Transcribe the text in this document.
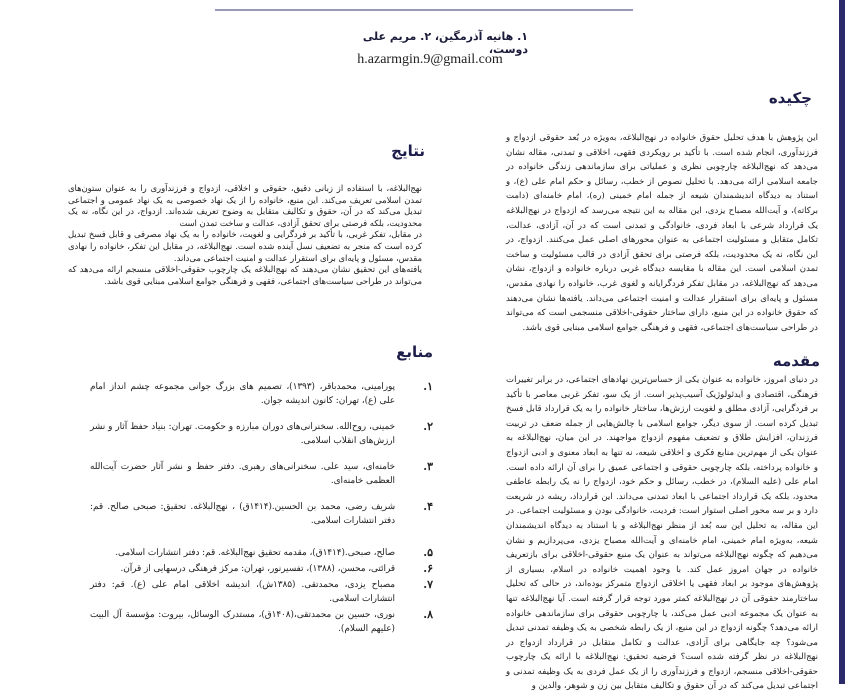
۱. هانیه آذرمگین، ۲. مریم علی دوست،
h.azarmgin.9@gmail.com
چکیده
این پژوهش با هدف تحلیل حقوق خانواده در نهج‌البلاغه، به‌ویژه در بُعد حقوقی ازدواج و فرزندآوری، انجام شده است. با تأکید بر رویکردی فقهی، اخلاقی و تمدنی، مقاله نشان می‌دهد که نهج‌البلاغه چارچوبی نظری و عملیاتی برای سازماندهی زندگی خانواده در جامعه اسلامی ارائه می‌دهد. با تحلیل نصوص از خطب، رسائل و حکم امام علی (ع)، و استناد به دیدگاه اندیشمندان شیعه از جمله امام خمینی (ره)، امام خامنه‌ای (دامت برکاته)، و آیت‌الله مصباح یزدی، این مقاله به این نتیجه می‌رسد که ازدواج در نهج‌البلاغه یک قرارداد شرعی با ابعاد فردی، خانوادگی و تمدنی است که در آن، آزادی، عدالت، تکامل متقابل و مسئولیت اجتماعی به عنوان محورهای اصلی عمل می‌کنند. ازدواج، در این نگاه، نه یک محدودیت، بلکه فرصتی برای تحقق آزادی در قالب مسئولیت و ساخت تمدن اسلامی است. این مقاله با مقایسه دیدگاه غربی درباره خانواده و ازدواج، نشان می‌دهد که نهج‌البلاغه، در مقابل تفکر فردگرایانه و لغوی غرب، خانواده را نهادی مقدس، مسئول و پایه‌ای برای استقرار عدالت و امنیت اجتماعی می‌داند. یافته‌ها نشان می‌دهند که حقوق خانواده در این منبع، دارای ساختار حقوقی-اخلاقی منسجمی است که می‌تواند در طراحی سیاست‌های اجتماعی، فقهی و فرهنگی جوامع اسلامی مبنایی قوی باشد.
مقدمه
در دنیای امروز، خانواده به عنوان یکی از حساس‌ترین نهادهای اجتماعی، در برابر تغییرات فرهنگی، اقتصادی و ایدئولوژیک آسیب‌پذیر است. از یک سو، تفکر غربی معاصر با تأکید بر فردگرایی، آزادی مطلق و لغویت ارزش‌ها، ساختار خانواده را به یک قرارداد قابل فسخ تبدیل کرده است. از سوی دیگر، جوامع اسلامی با چالش‌هایی از جمله ضعف در تربیت فرزندان، افزایش طلاق و تضعیف مفهوم ازدواج مواجهند. در این میان، نهج‌البلاغه به عنوان یکی از مهم‌ترین منابع فکری و اخلاقی شیعه، نه تنها به ابعاد معنوی و ادبی ازدواج و خانواده پرداخته، بلکه چارچوبی حقوقی و اجتماعی عمیق را برای آن ارائه داده است. امام علی (علیه السلام)، در خطب، رسائل و حکم خود، ازدواج را نه یک رابطه عاطفی محدود، بلکه یک قرارداد اجتماعی با ابعاد تمدنی می‌داند. این قرارداد، ریشه در شریعت دارد و بر سه محور اصلی استوار است: فردیت، خانوادگی بودن و مسئولیت اجتماعی. در این مقاله، به تحلیل این سه بُعد از منظر نهج‌البلاغه و با استناد به دیدگاه اندیشمندان شیعه، به‌ویژه امام خمینی، امام خامنه‌ای و آیت‌الله مصباح یزدی، می‌پردازیم و نشان می‌دهیم که چگونه نهج‌البلاغه می‌تواند به عنوان یک منبع حقوقی-اخلاقی برای بازتعریف خانواده در جهان امروز عمل کند. با وجود اهمیت خانواده در اسلام، بسیاری از پژوهش‌های موجود بر ابعاد فقهی یا اخلاقی ازدواج متمرکز بوده‌اند، در حالی که تحلیل ساختارمند حقوقی آن در نهج‌البلاغه کمتر مورد توجه قرار گرفته است. آیا نهج‌البلاغه تنها به عنوان یک مجموعه ادبی عمل می‌کند، یا چارچوبی حقوقی برای سازماندهی خانواده ارائه می‌دهد؟ چگونه ازدواج در این منبع، از یک رابطه شخصی به یک وظیفه تمدنی تبدیل می‌شود؟ چه جایگاهی برای آزادی، عدالت و تکامل متقابل در قرارداد ازدواج در نهج‌البلاغه در نظر گرفته شده است؟ فرضیه تحقیق: نهج‌البلاغه با ارائه یک چارچوب حقوقی-اخلاقی منسجم، ازدواج و فرزندآوری را از یک عمل فردی به یک وظیفه تمدنی و اجتماعی تبدیل می‌کند که در آن حقوق و تکالیف متقابل بین زن و شوهر، والدین و
نتایج
نهج‌البلاغه، با استفاده از زبانی دقیق، حقوقی و اخلاقی، ازدواج و فرزندآوری را به عنوان ستون‌های تمدن اسلامی تعریف می‌کند. این منبع، خانواده را از یک نهاد خصوصی به یک نهاد عمومی و اجتماعی تبدیل می‌کند که در آن، حقوق و تکالیف متقابل به وضوح تعریف شده‌اند. ازدواج، در این نگاه، نه یک محدودیت، بلکه فرصتی برای تحقق آزادی، عدالت و ساخت تمدن است
در مقابل، تفکر غربی، با تأکید بر فردگرایی و لغویت، خانواده را به یک نهاد مصرفی و قابل فسخ تبدیل کرده است که منجر به تضعیف نسل آینده شده است. نهج‌البلاغه، در مقابل این تفکر، خانواده را نهادی مقدس، مسئول و پایه‌ای برای استقرار عدالت و امنیت اجتماعی می‌داند.
یافته‌های این تحقیق نشان می‌دهند که نهج‌البلاغه یک چارچوب حقوقی-اخلاقی منسجم ارائه می‌دهد که می‌تواند در طراحی سیاست‌های اجتماعی، فقهی و فرهنگی جوامع اسلامی مبنایی قوی باشد.
منابع
۱.
پورامینی، محمدباقر، (۱۳۹۳)، تصمیم های بزرگ جوانی مجموعه چشم انداز امام علی (ع)، تهران: کانون اندیشه جوان.
۲.
خمینی، روح‌الله. سخنرانی‌های دوران مبارزه و حکومت. تهران: بنیاد حفظ آثار و نشر ارزش‌های انقلاب اسلامی.
۳.
خامنه‌ای، سید علی. سخنرانی‌های رهبری. دفتر حفظ و نشر آثار حضرت آیت‌الله العظمی خامنه‌ای.
۴.
شریف رضی، محمد بن الحسین.(۱۴۱۴ق) ، نهج‌البلاغه. تحقیق: صبحی صالح. قم: دفتر انتشارات اسلامی.
۵.
صالح، صبحی.(۱۴۱۴ق)، مقدمه تحقیق نهج‌البلاغه. قم: دفتر انتشارات اسلامی.
۶.
قرائتی، محسن، (۱۳۸۸)، تفسیرنور، تهران: مرکز فرهنگی درسهایی از قرآن.
۷.
مصباح یزدی، محمدتقی. (۱۳۸۵ش)، اندیشه اخلاقی امام علی (ع). قم: دفتر انتشارات اسلامی.
۸.
نوری، حسین بن محمدتقی،(۱۴۰۸ق)، مستدرک الوسائل، بیروت: مؤسسة آل البیت (علیهم السلام).
